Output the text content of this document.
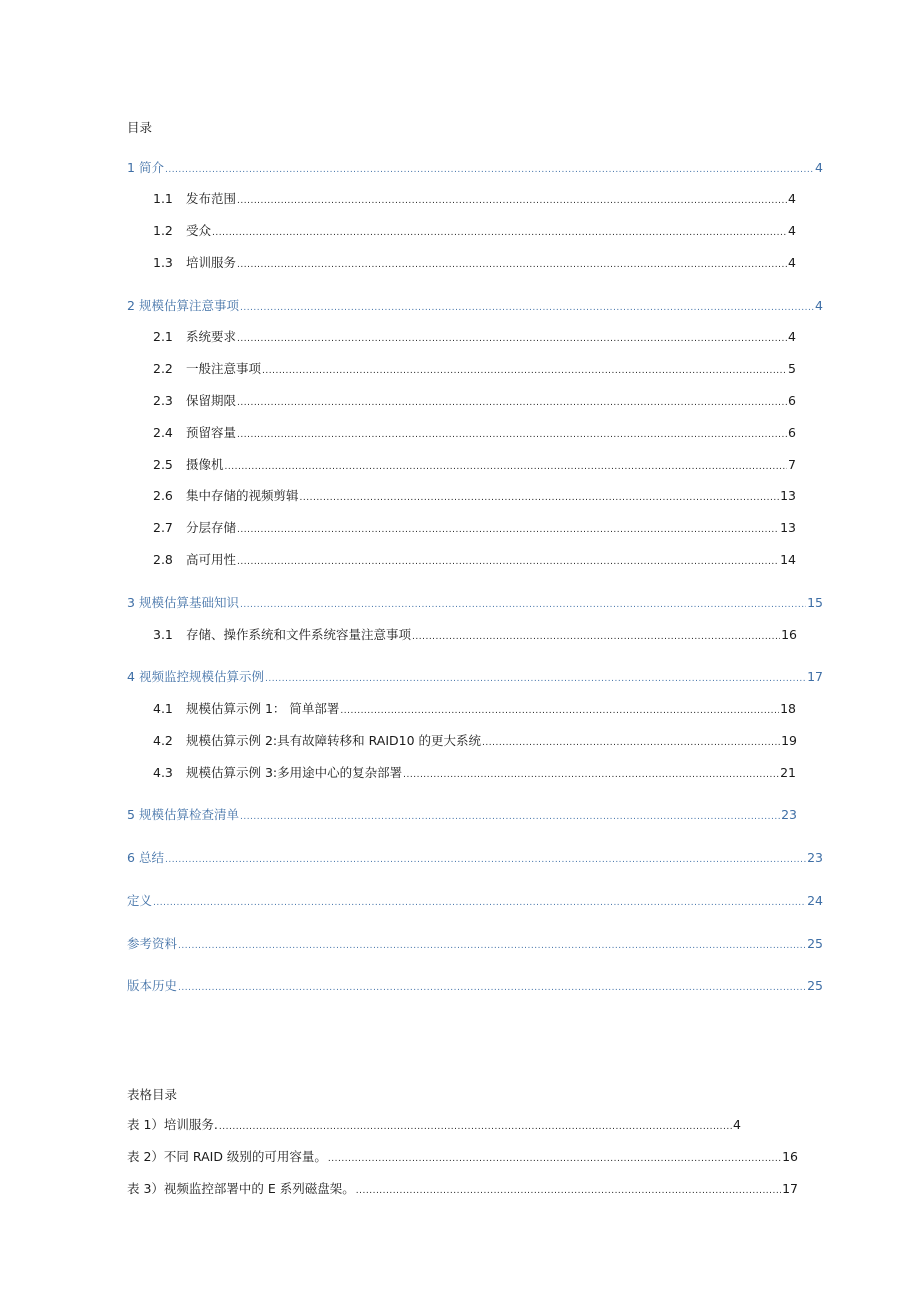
目录
1 简介 .....	4
1.1	发布范围 .....	4
1.2	受众 .....	4
1.3	培训服务 .....	4
2 规模估算注意事项 .....	4
2.1	系统要求 .....	4
2.2	一般注意事项 .....	5
2.3	保留期限 .....	6
2.4	预留容量 .....	6
2.5	摄像机 .....	7
2.6	集中存储的视频剪辑 .....	13
2.7	分层存储 .....	13
2.8	高可用性 .....	14
3 规模估算基础知识 .....	15
3.1	存储、操作系统和文件系统容量注意事项 .....	16
4 视频监控规模估算示例 .....	17
4.1	规模估算示例 1： 简单部署 .....	18
4.2	规模估算示例 2:具有故障转移和 RAID10 的更大系统 .....	19
4.3	规模估算示例 3:多用途中心的复杂部署 .....	21
5 规模估算检查清单 .....	23
6 总结 .....	23
定义 .....	24
参考资料 .....	25
版本历史 .....	25
表格目录
表 1）培训服务. .....	4
表 2）不同 RAID 级别的可用容量。 .....	16
表 3）视频监控部署中的 E 系列磁盘架。 .....	17
